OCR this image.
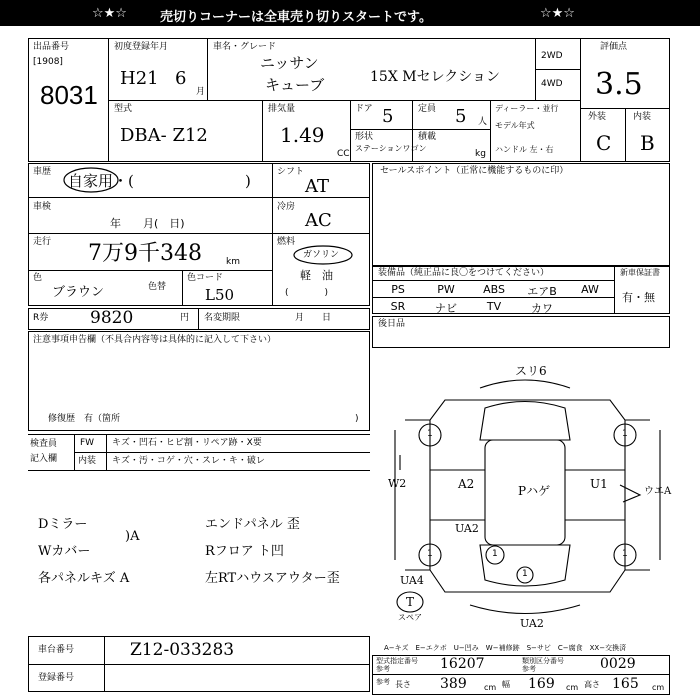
☆★☆	売切りコーナーは全車売り切りスタートです。	☆★☆
出品番号
[1908]
8031
初度登録年月
H21 6
月
車名・グレード
ニッサン
キューブ	15X Mセレクション
2WD
4WD
評価点
3.5
型式
DBA- Z12
排気量
1.49
CC
ドア 5	定員 5 人
形状
ステーションワゴン
積載
kg
ディーラー・並行
モデル年式
ハンドル 左・右
外装	内装
C B
車歴 自家用・(	)
車検
年　　月(　日)
走行 7万9千348	km
色
ブラウン	色替
色コード
L50
シフト
AT
冷房
AC
燃料
ガソリン
軽　油
(　　　　)
セールスポイント（正常に機能するものに印）
装備品（純正品に良〇をつけてください）	新車保証書
有・無
PS	PW	ABS	エアB	AW
SR	ナビ	TV	カワ
R券 9820	円 名変期限	月　　日
後日品
注意事項申告欄（不具合内容等は具体的に記入して下さい）
修復歴　有（箇所	)
検査員
記入欄
FW キズ・凹石・ヒビ割・リペア跡・X要
内装 キズ・汚・コゲ・穴・スレ・キ・破レ
Dミラー
Wカバー
各パネルキズ A
)A
エンドパネル 歪
Rフロア ト凹
左RTハウスアウター歪
スリ6
A2	Pハゲ	U1
W2
UA2
UA4
UA2
ウエA
T
スペア
1	1
1	1
1
1
車台番号	Z12-033283
登録番号
A−キズ　E−エクボ　U−凹み　W−補修跡　S−サビ　C−腐食　XX−交換済
型式指定番号
参考	16207	類別区分番号
参考	0029
参考 長さ 389 cm 幅 169 cm 高さ 165 cm
